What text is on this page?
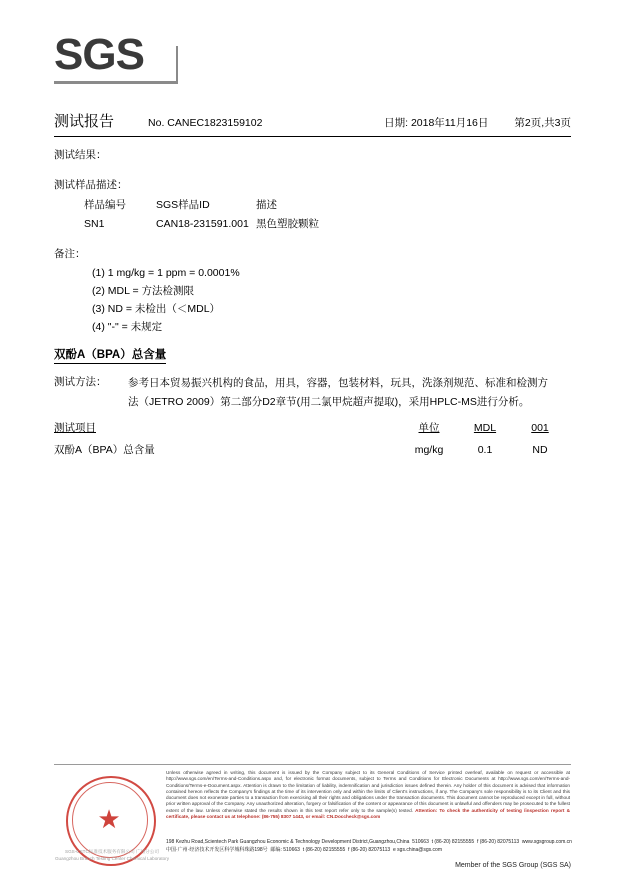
SGS
测试报告	No. CANEC1823159102	日期: 2018年11月16日 第2页,共3页
测试结果：
测试样品描述：
样品编号	SGS样品ID	描述
SN1	CAN18-231591.001	黑色塑胶颗粒
备注：
(1) 1 mg/kg = 1 ppm = 0.0001%
(2) MDL = 方法检测限
(3) ND = 未检出（＜MDL）
(4) "-" = 未规定
双酚A（BPA）总含量
测试方法： 参考日本贸易振兴机构的食品，用具，容器，包装材料，玩具，洗涤剂规范、标准和检测方法（JETRO 2009）第二部分D2章节(用二氯甲烷超声提取)，采用HPLC-MS进行分析。
测试项目		单位	MDL	001
双酚A（BPA）总含量		mg/kg	0.1	ND
★
SGS-CSTC标准技术服务有限公司 广州分公司
Guangzhou Branch Testing Center Chemical Laboratory
Unless otherwise agreed in writing, this document is issued by the Company subject to its General Conditions of Service printed overleaf, available on request or accessible at http://www.sgs.com/en/Terms-and-Conditions.aspx and, for electronic format documents, subject to Terms and Conditions for Electronic Documents at http://www.sgs.com/en/Terms-and-Conditions/Terms-e-Document.aspx. Attention is drawn to the limitation of liability, indemnification and jurisdiction issues defined therein. Any holder of this document is advised that information contained hereon reflects the Company's findings at the time of its intervention only and within the limits of Client's instructions, if any. The Company's sole responsibility is to its Client and this document does not exonerate parties to a transaction from exercising all their rights and obligations under the transaction documents. This document cannot be reproduced except in full, without prior written approval of the Company. Any unauthorized alteration, forgery or falsification of the content or appearance of this document is unlawful and offenders may be prosecuted to the fullest extent of the law. Unless otherwise stated the results shown in this test report refer only to the sample(s) tested. Attention: To check the authenticity of testing /inspection report & certificate, please contact us at telephone: (86-755) 8307 1443, or email: CN.Doccheck@sgs.com
198 Kezhu Road,Scientech Park Guangzhou Economic & Technology Development District,Guangzhou,China 510663  t (86-20) 82155555  f (86-20) 82075113 www.sgsgroup.com.cn
中国·广州·经济技术开发区科学城科珠路198号 邮编: 510663  t (86-20) 82155555  f (86-20) 82075113  e sgs.china@sgs.com
Member of the SGS Group (SGS SA)
